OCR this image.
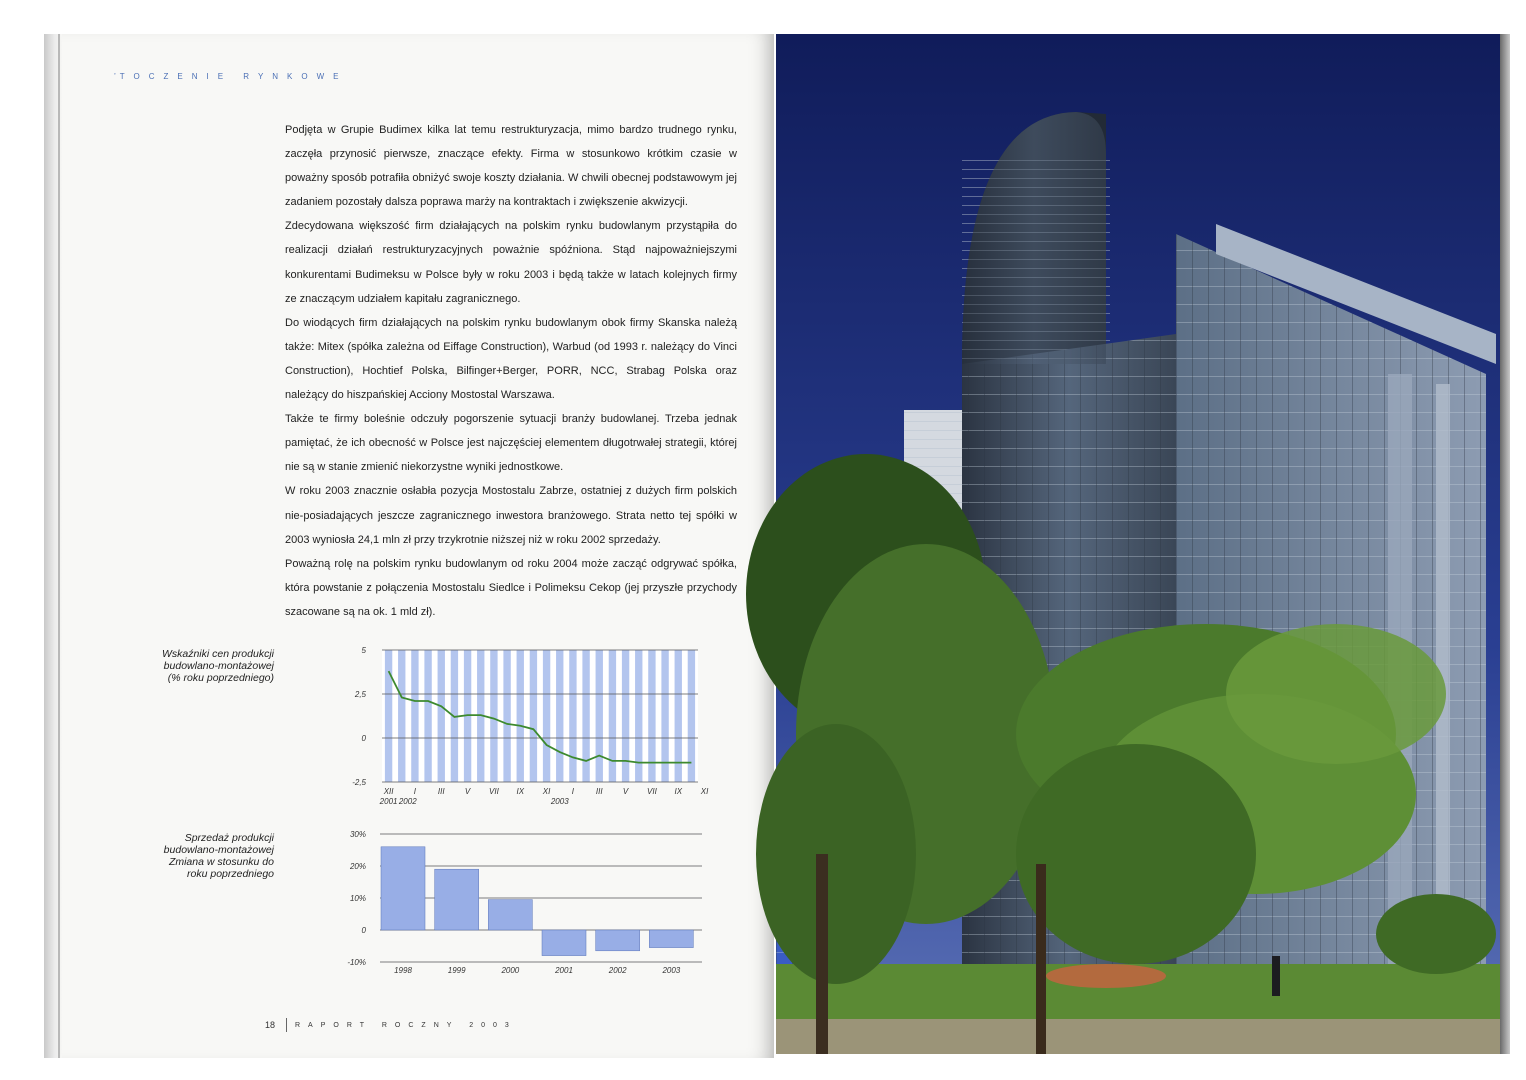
’TOCZENIE RYNKOWE

Podjęta w Grupie Budimex kilka lat temu restrukturyzacja, mimo bardzo trudnego rynku, zaczęła przynosić pierwsze, znaczące efekty. Firma w stosunkowo krótkim czasie w poważny sposób potrafiła obniżyć swoje koszty działania. W chwili obecnej podstawowym jej zadaniem pozostały dalsza poprawa marży na kontraktach i zwiększenie akwizycji.

Zdecydowana większość firm działających na polskim rynku budowlanym przystąpiła do realizacji działań restrukturyzacyjnych poważnie spóźniona. Stąd najpoważniejszymi konkurentami Budimeksu w Polsce były w roku 2003 i będą także w latach kolejnych firmy ze znaczącym udziałem kapitału zagranicznego.

Do wiodących firm działających na polskim rynku budowlanym obok firmy Skanska należą także: Mitex (spółka zależna od Eiffage Construction), Warbud (od 1993 r. należący do Vinci Construction), Hochtief Polska, Bilfinger+Berger, PORR, NCC, Strabag Polska oraz należący do hiszpańskiej Acciony Mostostal Warszawa.

Także te firmy boleśnie odczuły pogorszenie sytuacji branży budowlanej. Trzeba jednak pamiętać, że ich obecność w Polsce jest najczęściej elementem długotrwałej strategii, której nie są w stanie zmienić niekorzystne wyniki jednostkowe.

W roku 2003 znacznie osłabła pozycja Mostostalu Zabrze, ostatniej z dużych firm polskich nie-posiadających jeszcze zagranicznego inwestora branżowego. Strata netto tej spółki w 2003 wyniosła 24,1 mln zł przy trzykrotnie niższej niż w roku 2002 sprzedaży.

Poważną rolę na polskim rynku budowlanym od roku 2004 może zacząć odgrywać spółka, która powstanie z połączenia Mostostalu Siedlce i Polimeksu Cekop (jej przyszłe przychody szacowane są na ok. 1 mld zł).

Wskaźniki cen produkcji
budowlano-montażowej
(% roku poprzedniego)
5
2,5
0
-2,5
XII	I	III	V VII IX XI	I	III	V VII IX XI
2001 2002	2003
Sprzedaż produkcji
budowlano-montażowej
Zmiana w stosunku do
roku poprzedniego
30%
20%
10%
0
-10%
1998	1999	2000	2001	2002	2003
18	RAPORT ROCZNY 2003
